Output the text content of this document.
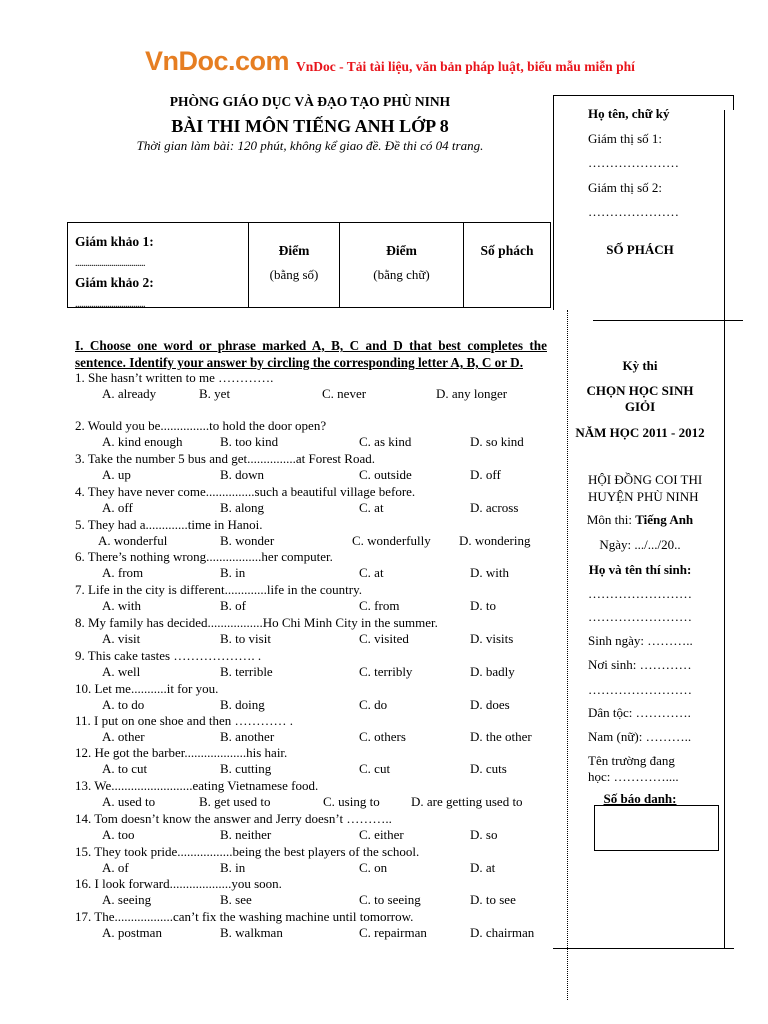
VnDoc.com VnDoc - Tải tài liệu, văn bản pháp luật, biểu mẫu miễn phí
PHÒNG GIÁO DỤC VÀ ĐẠO TẠO PHÙ NINH
BÀI THI MÔN TIẾNG ANH LỚP 8
Thời gian làm bài: 120 phút, không kể giao đề. Đề thi có 04 trang.
Giám khảo 1:
...................................
Giám khảo 2:
...................................
Điểm
(bằng số)
Điểm
(bằng chữ)
Số phách
Họ tên, chữ ký
Giám thị số 1:
…………………
Giám thị số 2:
…………………
SỐ PHÁCH
Kỳ thi
CHỌN HỌC SINH
GIỎI
NĂM HỌC 2011 - 2012
HỘI ĐỒNG COI THI
HUYỆN PHÙ NINH
Môn thi: Tiếng Anh
Ngày: .../.../20..
Họ và tên thí sinh:
……………………
……………………
Sinh ngày: ………..
Nơi sinh: …………
……………………
Dân tộc: ………….
Nam (nữ): ………..
Tên trường đang
học: …………....
Số báo danh:
I. Choose one word or phrase marked A, B, C and D that best completes the sentence. Identify your answer by circling the corresponding letter A, B, C or D.
1. She hasn’t written to me ………….
A. already	B. yet	C. never	D. any longer
2. Would you be...............to hold the door open?
A. kind enough	B. too kind	C. as kind	D. so kind
3. Take the number 5 bus and get...............at Forest Road.
A. up	B. down	C. outside	D. off
4. They have never come...............such a beautiful village before.
A. off	B. along	C. at	D. across
5. They had a.............time in Hanoi.
A. wonderful	B. wonder	C. wonderfully D. wondering
6. There’s nothing wrong.................her computer.
A. from	B. in	C. at	D. with
7. Life in the city is different.............life in the country.
A. with	B. of	C. from	D. to
8. My family has decided.................Ho Chi Minh City in the summer.
A. visit	B. to visit	C. visited	D. visits
9. This cake tastes ………………. .
A. well	B. terrible	C. terribly	D. badly
10. Let me...........it for you.
A. to do	B. doing	C. do	D. does
11. I put on one shoe and then ………… .
A. other	B. another	C. others	D. the other
12. He got the barber...................his hair.
A. to cut	B. cutting	C. cut	D. cuts
13. We.........................eating Vietnamese food.
A. used to	B. get used to	C. using to D. are getting used to
14. Tom doesn’t know the answer and Jerry doesn’t ………..
A. too	B. neither	C. either	D. so
15. They took pride.................being the best players of the school.
A. of	B. in	C. on	D. at
16. I look forward...................you soon.
A. seeing	B. see	C. to seeing	D. to see
17. The..................can’t fix the washing machine until tomorrow.
A. postman	B. walkman	C. repairman	D. chairman
